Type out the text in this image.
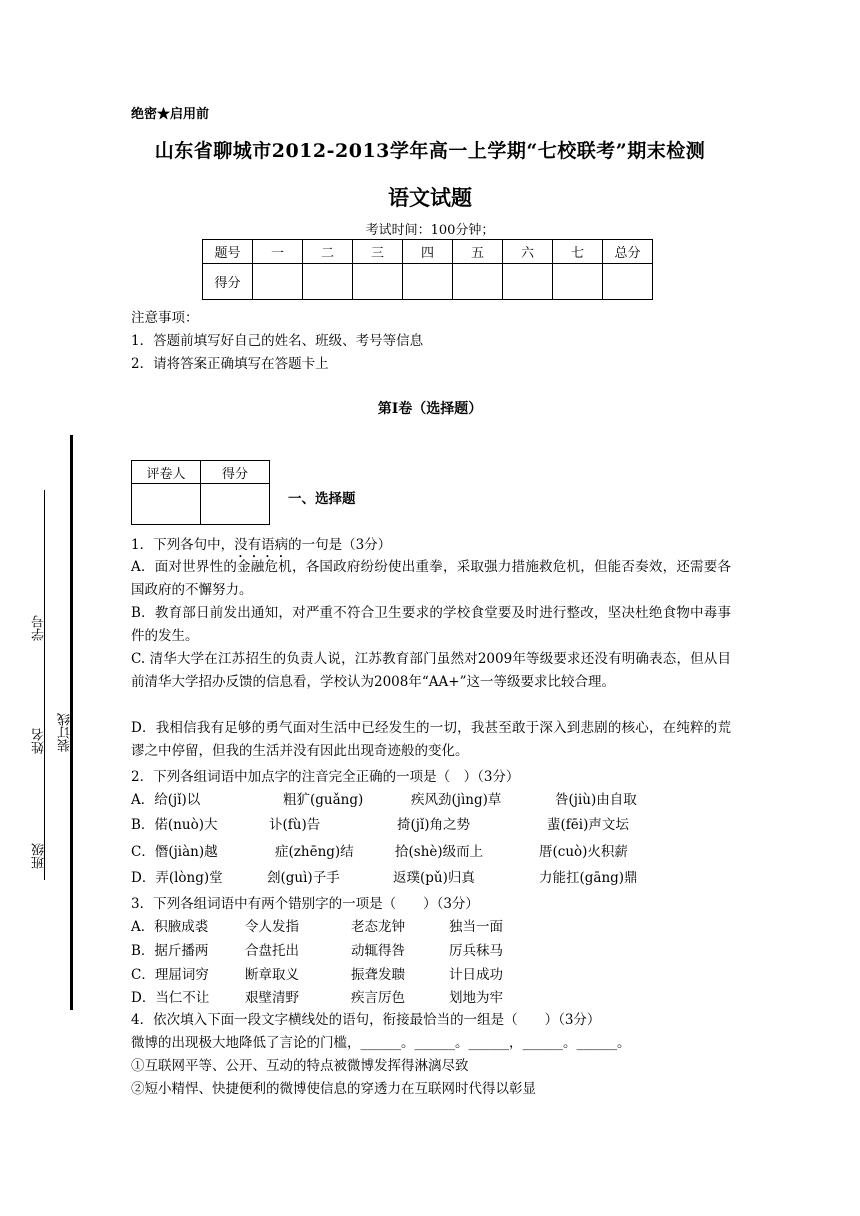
绝密★启用前
山东省聊城市2012-2013学年高一上学期“七校联考”期末检测
语文试题
考试时间：100分钟；
题号	一	二	三	四	五	六	七	总分
得分								
注意事项：
1．答题前填写好自己的姓名、班级、考号等信息
2．请将答案正确填写在答题卡上
第Ⅰ卷（选择题）
学号
姓名
班级
装订线
评卷人	得分

一、选择题
1．下列各句中，没有语病的一句是（3分）
A．面对世界性的金融危机，各国政府纷纷使出重拳，采取强力措施救危机，但能否奏效，还需要各国政府的不懈努力。
B．教育部日前发出通知，对严重不符合卫生要求的学校食堂要及时进行整改，坚决杜绝食物中毒事件的发生。
C. 清华大学在江苏招生的负责人说，江苏教育部门虽然对2009年等级要求还没有明确表态，但从目前清华大学招办反馈的信息看，学校认为2008年“AA+”这一等级要求比较合理。
D．我相信我有足够的勇气面对生活中已经发生的一切，我甚至敢于深入到悲剧的核心，在纯粹的荒谬之中停留，但我的生活并没有因此出现奇迹般的变化。
2．下列各组词语中加点字的注音完全正确的一项是（　）（3分）
A．给(jǐ)以	粗犷(guǎng)	疾风劲(jìng)草	咎(jiù)由自取
B．偌(nuò)大	讣(fù)告	掎(jǐ)角之势	蜚(fēi)声文坛
C．僭(jiàn)越	症(zhēng)结	拾(shè)级而上	厝(cuò)火积薪
D．弄(lòng)堂	刽(guì)子手	返璞(pǔ)归真	力能扛(gāng)鼎
3．下列各组词语中有两个错别字的一项是（　　）（3分）
A．积腋成裘	令人发指	老态龙钟	独当一面
B．据斤播两	合盘托出	动辄得咎	厉兵秣马
C．理屈词穷	断章取义	振聋发聩	计日成功
D．当仁不让	艰壁清野	疾言厉色	划地为牢
4．依次填入下面一段文字横线处的语句，衔接最恰当的一组是（　　）（3分）
微博的出现极大地降低了言论的门槛，______。______。______，______。______。
①互联网平等、公开、互动的特点被微博发挥得淋漓尽致
②短小精悍、快捷便利的微博使信息的穿透力在互联网时代得以彰显
